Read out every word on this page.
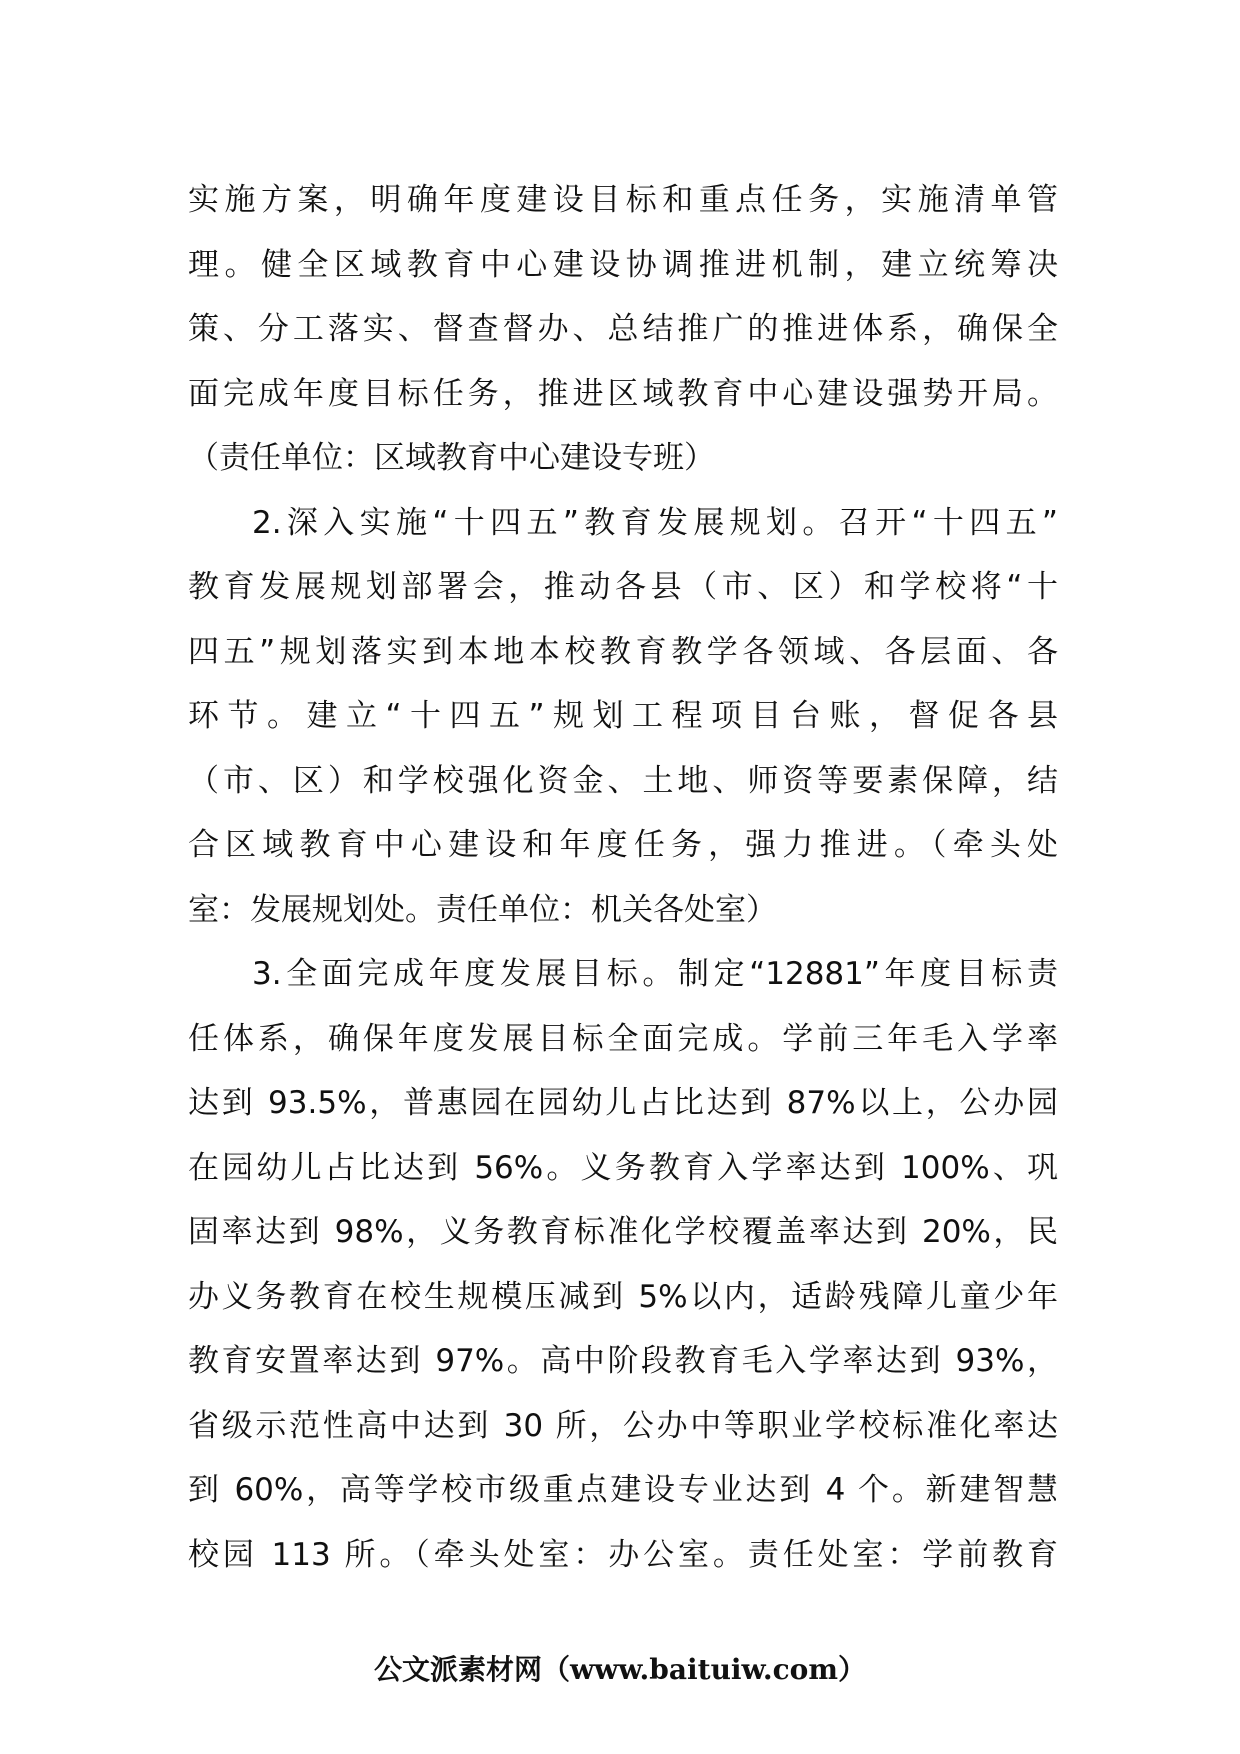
实施方案，明确年度建设目标和重点任务，实施清单管
理。健全区域教育中心建设协调推进机制，建立统筹决
策、分工落实、督查督办、总结推广的推进体系，确保全
面完成年度目标任务，推进区域教育中心建设强势开局。
（责任单位：区域教育中心建设专班）
2.深入实施“十四五”教育发展规划。召开“十四五”
教育发展规划部署会，推动各县（市、区）和学校将“十
四五”规划落实到本地本校教育教学各领域、各层面、各
环节。建立“十四五”规划工程项目台账，督促各县
（市、区）和学校强化资金、土地、师资等要素保障，结
合区域教育中心建设和年度任务，强力推进。（牵头处
室：发展规划处。责任单位：机关各处室）
3.全面完成年度发展目标。制定“12881”年度目标责
任体系，确保年度发展目标全面完成。学前三年毛入学率
达到 93.5%，普惠园在园幼儿占比达到 87%以上，公办园
在园幼儿占比达到 56%。义务教育入学率达到 100%、巩
固率达到 98%，义务教育标准化学校覆盖率达到 20%，民
办义务教育在校生规模压减到 5%以内，适龄残障儿童少年
教育安置率达到 97%。高中阶段教育毛入学率达到 93%，
省级示范性高中达到 30 所，公办中等职业学校标准化率达
到 60%，高等学校市级重点建设专业达到 4 个。新建智慧
校园 113 所。（牵头处室：办公室。责任处室：学前教育
公文派素材网（www.baituiw.com）
